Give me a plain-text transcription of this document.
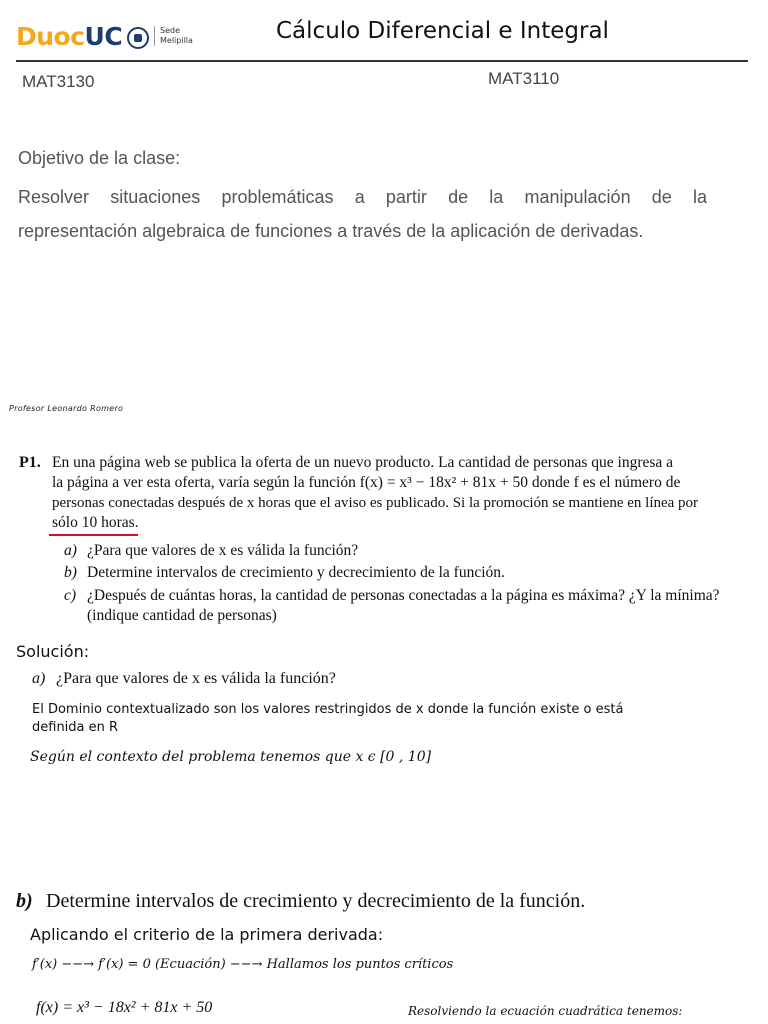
DuocUC	Sede
Melipilla	Cálculo Diferencial e Integral
MAT3130	MAT3110
Objetivo de la clase:
Resolver situaciones problemáticas a partir de la manipulación de la
representación algebraica de funciones a través de la aplicación de derivadas.
Profesor Leonardo Romero
P1. En una página web se publica la oferta de un nuevo producto. La cantidad de personas que ingresa a
la página a ver esta oferta, varía según la función f(x) = x³ − 18x² + 81x + 50 donde f es el número de
personas conectadas después de x horas que el aviso es publicado. Si la promoción se mantiene en línea por
sólo 10 horas.
a) ¿Para que valores de x es válida la función?
b) Determine intervalos de crecimiento y decrecimiento de la función.
c) ¿Después de cuántas horas, la cantidad de personas conectadas a la página es máxima? ¿Y la mínima?
(indique cantidad de personas)
Solución:
a) ¿Para que valores de x es válida la función?
El Dominio contextualizado son los valores restringidos de x donde la función existe o está
definida en R
Según el contexto del problema tenemos que x ϵ [0 , 10]
b) Determine intervalos de crecimiento y decrecimiento de la función.
Aplicando el criterio de la primera derivada:
f′(x) −−→ f′(x) = 0 (Ecuación) −−→ Hallamos los puntos críticos
f(x) = x³ − 18x² + 81x + 50	Resolviendo la ecuación cuadrática tenemos:
